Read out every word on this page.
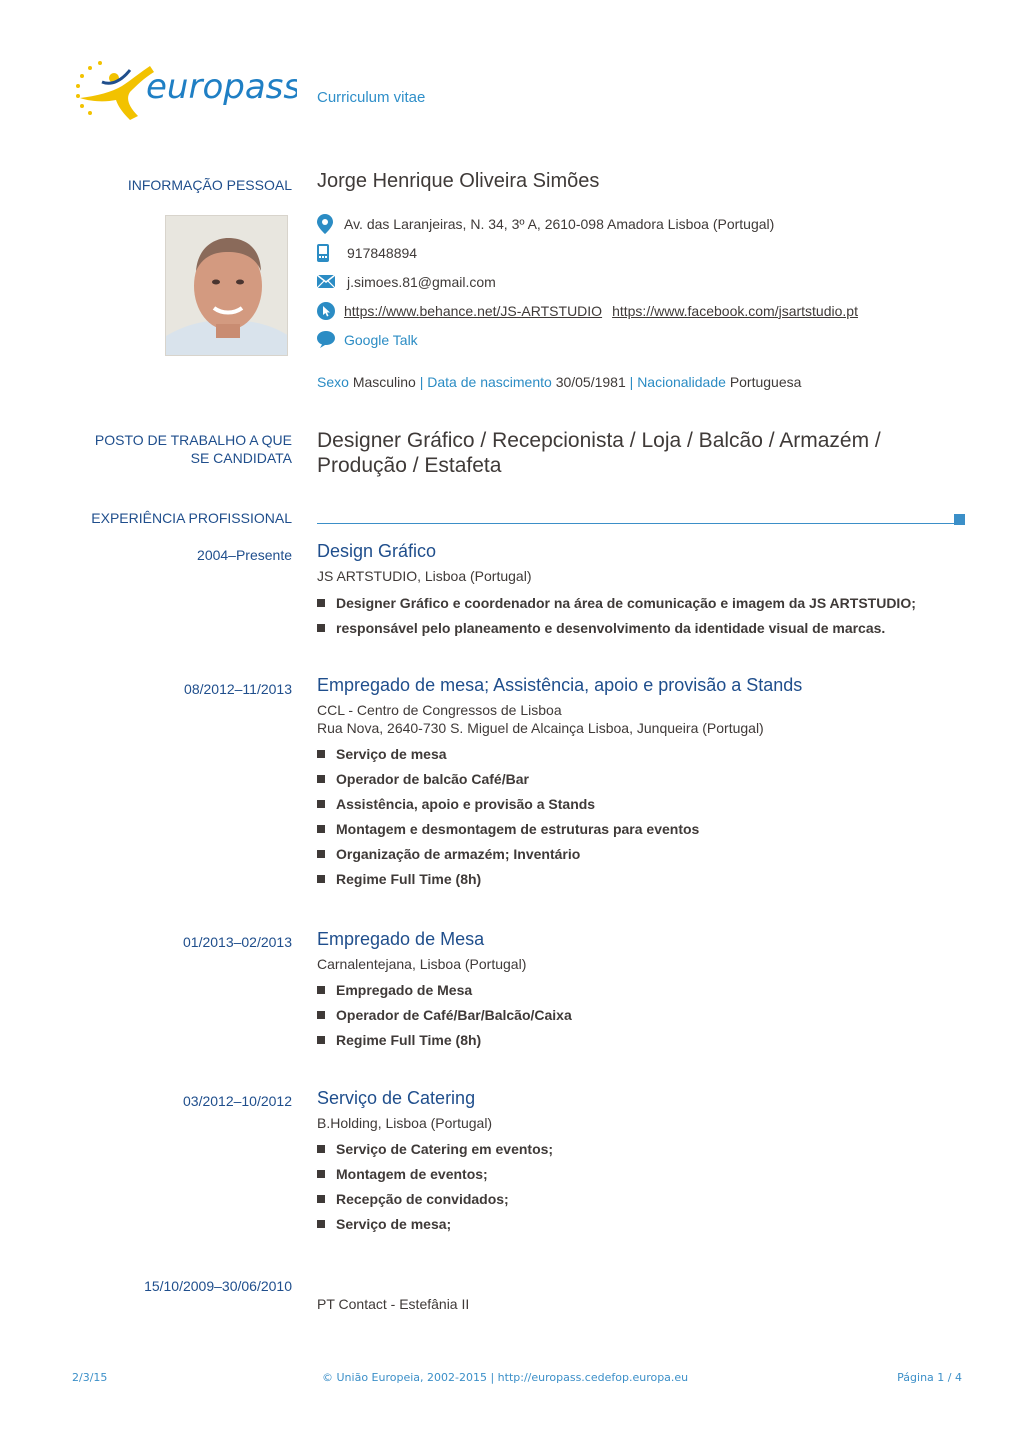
europass Curriculum vitae
INFORMAÇÃO PESSOAL Jorge Henrique Oliveira Simões
Av. das Laranjeiras, N. 34, 3º A, 2610-098 Amadora Lisboa (Portugal)
917848894
j.simoes.81@gmail.com
https://www.behance.net/JS-ARTSTUDIO https://www.facebook.com/jsartstudio.pt
Google Talk
Sexo Masculino | Data de nascimento 30/05/1981 | Nacionalidade Portuguesa
POSTO DE TRABALHO A QUE
SE CANDIDATA
Designer Gráfico / Recepcionista / Loja / Balcão / Armazém / Produção / Estafeta
EXPERIÊNCIA PROFISSIONAL
2004–Presente Design Gráfico
JS ARTSTUDIO, Lisboa (Portugal)
Designer Gráfico e coordenador na área de comunicação e imagem da JS ARTSTUDIO;
responsável pelo planeamento e desenvolvimento da identidade visual de marcas.
08/2012–11/2013 Empregado de mesa; Assistência, apoio e provisão a Stands
CCL - Centro de Congressos de Lisboa
Rua Nova, 2640-730 S. Miguel de Alcainça Lisboa, Junqueira (Portugal)
Serviço de mesa
Operador de balcão Café/Bar
Assistência, apoio e provisão a Stands
Montagem e desmontagem de estruturas para eventos
Organização de armazém; Inventário
Regime Full Time (8h)
01/2013–02/2013 Empregado de Mesa
Carnalentejana, Lisboa (Portugal)
Empregado de Mesa
Operador de Café/Bar/Balcão/Caixa
Regime Full Time (8h)
03/2012–10/2012 Serviço de Catering
B.Holding, Lisboa (Portugal)
Serviço de Catering em eventos;
Montagem de eventos;
Recepção de convidados;
Serviço de mesa;
15/10/2009–30/06/2010
PT Contact - Estefânia II
2/3/15	© União Europeia, 2002-2015 | http://europass.cedefop.europa.eu	Página 1 / 4
